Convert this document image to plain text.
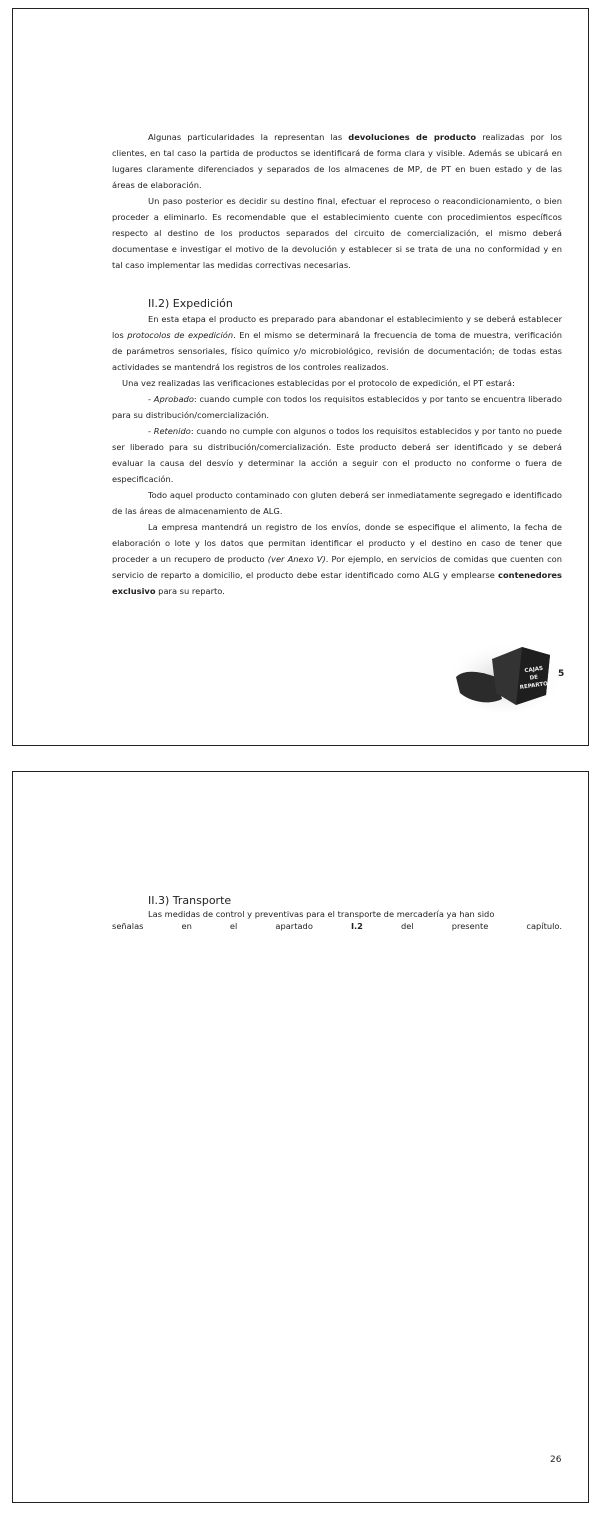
Algunas particularidades la representan las devoluciones de producto realizadas por los clientes, en tal caso la partida de productos se identificará de forma clara y visible. Además se ubicará en lugares claramente diferenciados y separados de los almacenes de MP, de PT en buen estado y de las áreas de elaboración.

Un paso posterior es decidir su destino final, efectuar el reproceso o reacondicionamiento, o bien proceder a eliminarlo. Es recomendable que el establecimiento cuente con procedimientos específicos respecto al destino de los productos separados del circuito de comercialización, el mismo deberá documentase e investigar el motivo de la devolución y establecer si se trata de una no conformidad y en tal caso implementar las medidas correctivas necesarias.

II.2) Expedición

En esta etapa el producto es preparado para abandonar el establecimiento y se deberá establecer los protocolos de expedición. En el mismo se determinará la frecuencia de toma de muestra, verificación de parámetros sensoriales, físico químico y/o microbiológico, revisión de documentación; de todas estas actividades se mantendrá los registros de los controles realizados.

Una vez realizadas las verificaciones establecidas por el protocolo de expedición, el PT estará:

- Aprobado: cuando cumple con todos los requisitos establecidos y por tanto se encuentra liberado para su distribución/comercialización.

- Retenido: cuando no cumple con algunos o todos los requisitos establecidos y por tanto no puede ser liberado para su distribución/comercialización. Este producto deberá ser identificado y se deberá evaluar la causa del desvío y determinar la acción a seguir con el producto no conforme o fuera de especificación.

Todo aquel producto contaminado con gluten deberá ser inmediatamente segregado e identificado de las áreas de almacenamiento de ALG.

La empresa mantendrá un registro de los envíos, donde se especifique el alimento, la fecha de elaboración o lote y los datos que permitan identificar el producto y el destino en caso de tener que proceder a un recupero de producto (ver Anexo V). Por ejemplo, en servicios de comidas que cuenten con servicio de reparto a domicilio, el producto debe estar identificado como ALG y emplearse contenedores exclusivo para su reparto.

CAJAS
DE
REPARTO
5

II.3) Transporte

Las medidas de control y preventivas para el transporte de mercadería ya han sido

señalas	en	el	apartado	I.2	del	presente	capítulo.
26
